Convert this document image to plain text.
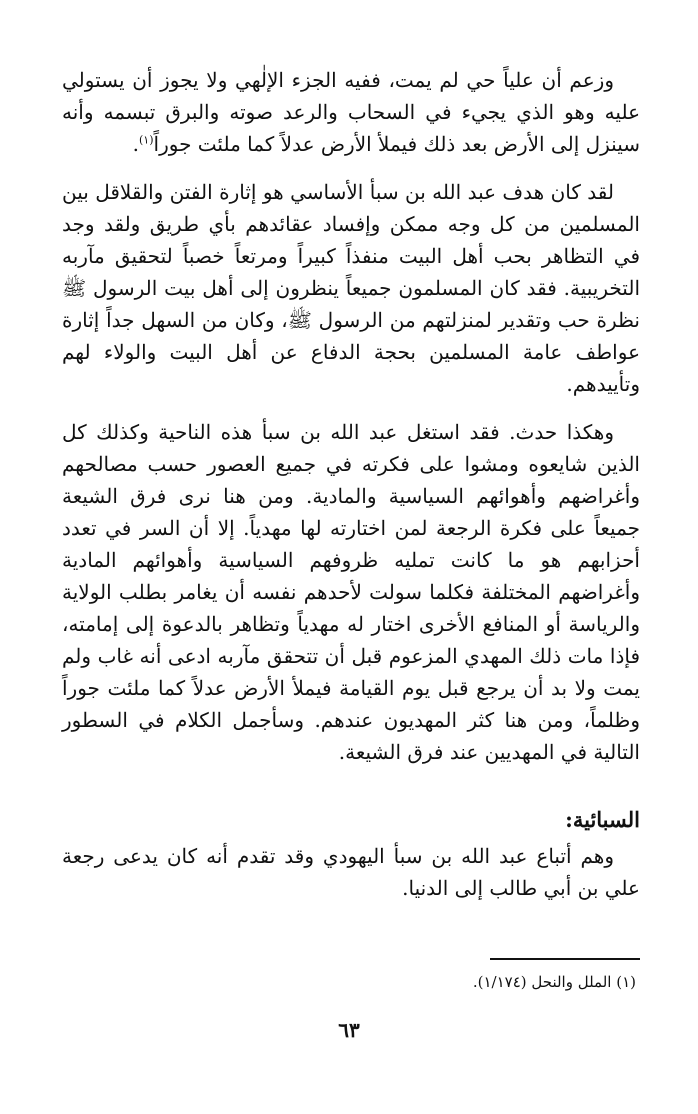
وزعم أن علياً حي لم يمت، ففيه الجزء الإلٰهي ولا يجوز أن يستولي عليه وهو الذي يجيء في السحاب والرعد صوته والبرق تبسمه وأنه سينزل إلى الأرض بعد ذلك فيملأ الأرض عدلاً كما ملئت جوراً$^{(١)}$.

لقد كان هدف عبد الله بن سبأ الأساسي هو إثارة الفتن والقلاقل بين المسلمين من كل وجه ممكن وإفساد عقائدهم بأي طريق ولقد وجد في التظاهر بحب أهل البيت منفذاً كبيراً ومرتعاً خصباً لتحقيق مآربه التخريبية. فقد كان المسلمون جميعاً ينظرون إلى أهل بيت الرسول ﷺ نظرة حب وتقدير لمنزلتهم من الرسول ﷺ، وكان من السهل جداً إثارة عواطف عامة المسلمين بحجة الدفاع عن أهل البيت والولاء لهم وتأييدهم.

وهكذا حدث. فقد استغل عبد الله بن سبأ هذه الناحية وكذلك كل الذين شايعوه ومشوا على فكرته في جميع العصور حسب مصالحهم وأغراضهم وأهوائهم السياسية والمادية. ومن هنا نرى فرق الشيعة جميعاً على فكرة الرجعة لمن اختارته لها مهدياً. إلا أن السر في تعدد أحزابهم هو ما كانت تمليه ظروفهم السياسية وأهوائهم المادية وأغراضهم المختلفة فكلما سولت لأحدهم نفسه أن يغامر بطلب الولاية والرياسة أو المنافع الأخرى اختار له مهدياً وتظاهر بالدعوة إلى إمامته، فإذا مات ذلك المهدي المزعوم قبل أن تتحقق مآربه ادعى أنه غاب ولم يمت ولا بد أن يرجع قبل يوم القيامة فيملأ الأرض عدلاً كما ملئت جوراً وظلماً، ومن هنا كثر المهديون عندهم. وسأجمل الكلام في السطور التالية في المهديين عند فرق الشيعة.

السبائية:

وهم أتباع عبد الله بن سبأ اليهودي وقد تقدم أنه كان يدعى رجعة علي بن أبي طالب إلى الدنيا.

(١) الملل والنحل (١/١٧٤).
٦٣
